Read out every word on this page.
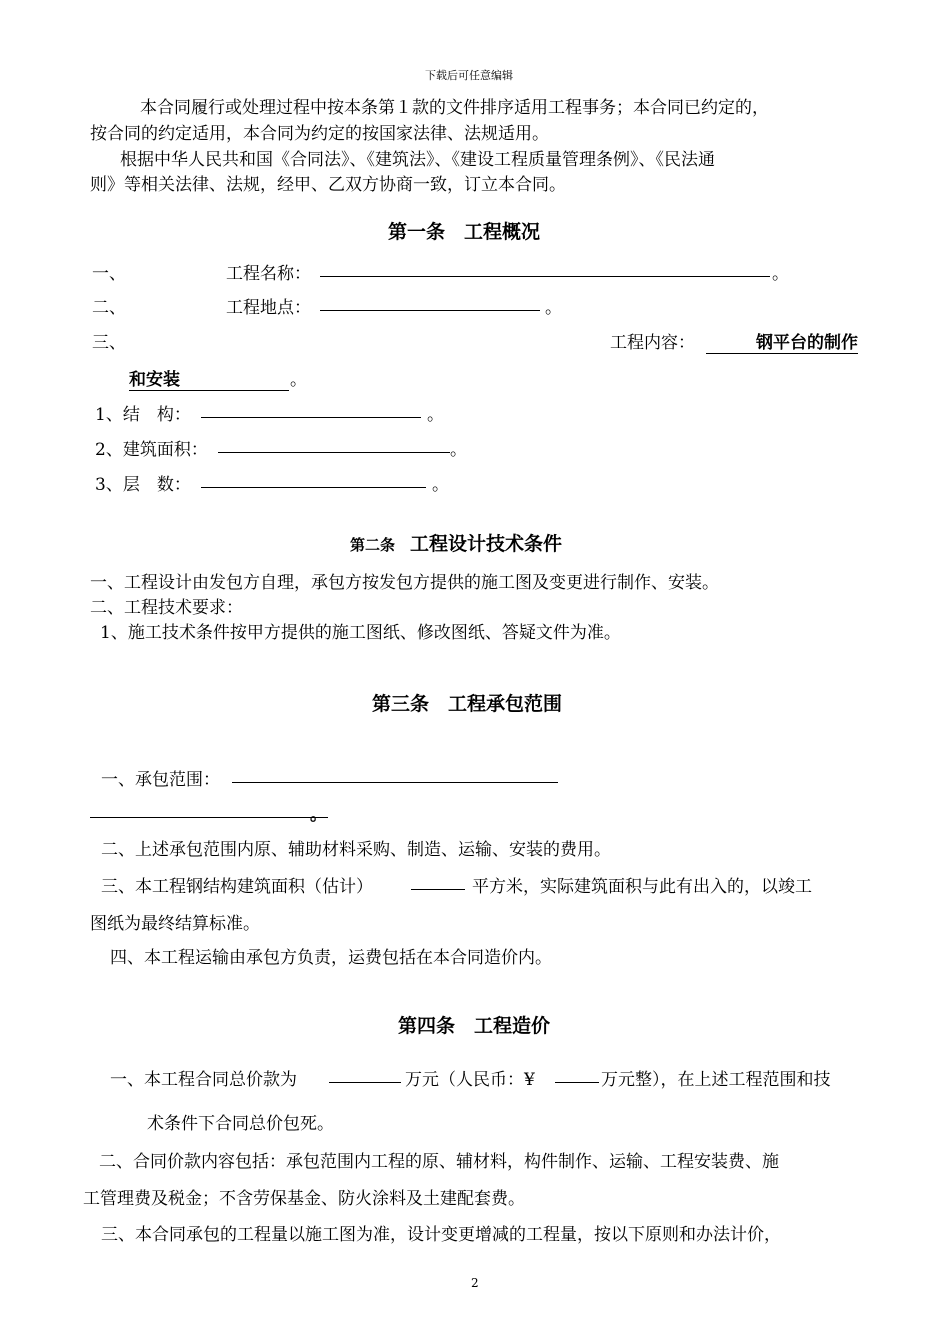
下载后可任意编辑
本合同履行或处理过程中按本条第１款的文件排序适用工程事务；本合同已约定的，
按合同的约定适用，本合同为约定的按国家法律、法规适用。
根据中华人民共和国《合同法》、《建筑法》、《建设工程质量管理条例》、《民法通
则》等相关法律、法规，经甲、乙双方协商一致，订立本合同。
第一条　工程概况
一、	工程名称：	。
二、	工程地点：	。
三、	工程内容：	钢平台的制作
和安装	。
1、结　构：	。
2、建筑面积：	。
3、层　数：	。
第二条 工程设计技术条件
一、工程设计由发包方自理，承包方按发包方提供的施工图及变更进行制作、安装。
二、工程技术要求：
1、施工技术条件按甲方提供的施工图纸、修改图纸、答疑文件为准。
第三条　工程承包范围
一、承包范围：
。
二、上述承包范围内原、辅助材料采购、制造、运输、安装的费用。
三、本工程钢结构建筑面积（估计）	平方米，实际建筑面积与此有出入的，以竣工
图纸为最终结算标准。
四、本工程运输由承包方负责，运费包括在本合同造价内。
第四条　工程造价
一、本工程合同总价款为	万元（人民币：¥	万元整），在上述工程范围和技
术条件下合同总价包死。
二、合同价款内容包括：承包范围内工程的原、辅材料，构件制作、运输、工程安装费、施
工管理费及税金；不含劳保基金、防火涂料及土建配套费。
三、本合同承包的工程量以施工图为准，设计变更增减的工程量，按以下原则和办法计价，
2
